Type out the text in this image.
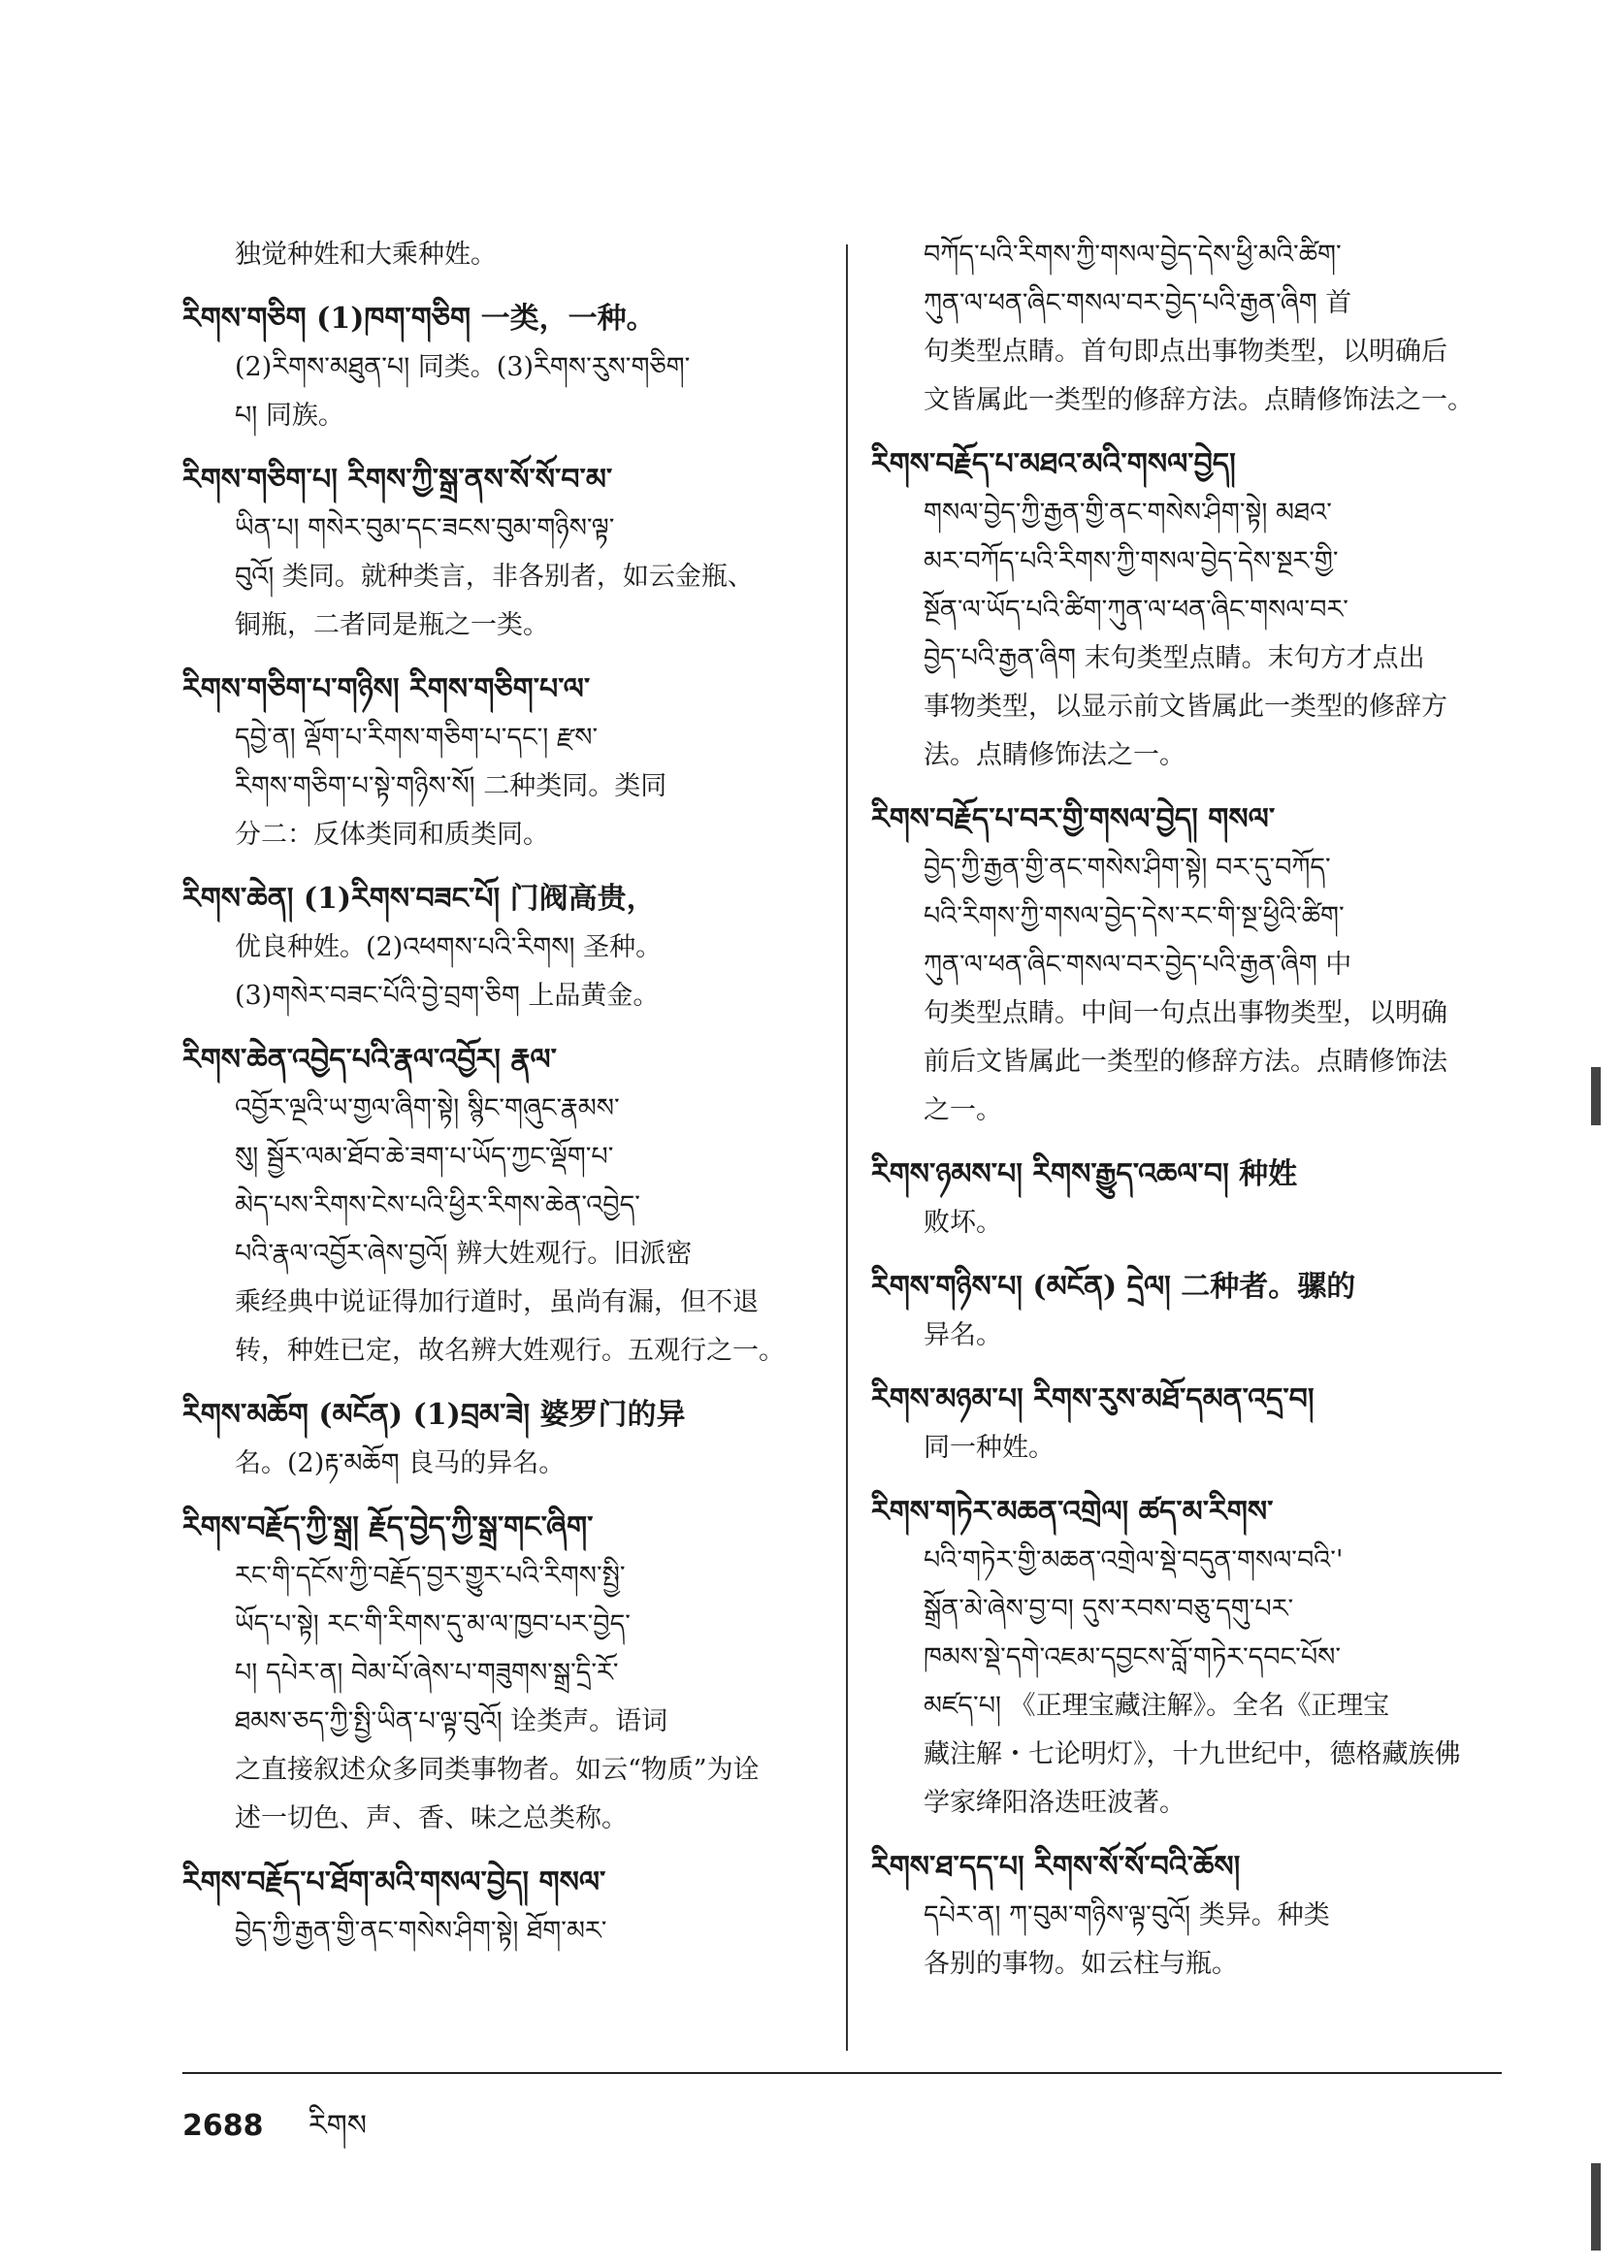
独觉种姓和大乘种姓。
རིགས་གཅིག (1)ཁག་གཅིག 一类，一种。
(2)རིགས་མཐུན་པ། 同类。(3)རིགས་རུས་གཅིག་
པ། 同族。
རིགས་གཅིག་པ། རིགས་ཀྱི་སྒྲ་ནས་སོ་སོ་བ་མ་
ཡིན་པ། གསེར་བུམ་དང་ཟངས་བུམ་གཉིས་ལྟ་
བུའོ། 类同。就种类言，非各别者，如云金瓶、
铜瓶，二者同是瓶之一类。
རིགས་གཅིག་པ་གཉིས། རིགས་གཅིག་པ་ལ་
དབྱེ་ན། ལྡོག་པ་རིགས་གཅིག་པ་དང་། རྫས་
རིགས་གཅིག་པ་སྟེ་གཉིས་སོ། 二种类同。类同
分二：反体类同和质类同。
རིགས་ཆེན། (1)རིགས་བཟང་པོ། 门阀高贵，
优良种姓。(2)འཕགས་པའི་རིགས། 圣种。
(3)གསེར་བཟང་པོའི་བྱེ་བྲག་ཅིག 上品黄金。
རིགས་ཆེན་འབྱེད་པའི་རྣལ་འབྱོར། རྣལ་
འབྱོར་ལྔའི་ཡ་གྱལ་ཞིག་སྟེ། སྙིང་གཞུང་རྣམས་
སུ། སྦྱོར་ལམ་ཐོབ་ཆེ་ཟག་པ་ཡོད་ཀྱང་ལྡོག་པ་
མེད་པས་རིགས་ངེས་པའི་ཕྱིར་རིགས་ཆེན་འབྱེད་
པའི་རྣལ་འབྱོར་ཞེས་བྱའོ། 辨大姓观行。旧派密
乘经典中说证得加行道时，虽尚有漏，但不退
转，种姓已定，故名辨大姓观行。五观行之一。
རིགས་མཆོག (མངོན) (1)བྲམ་ཟེ། 婆罗门的异
名。(2)རྟ་མཆོག 良马的异名。
རིགས་བརྗོད་ཀྱི་སྒྲ། རྗོད་བྱེད་ཀྱི་སྒྲ་གང་ཞིག་
རང་གི་དངོས་ཀྱི་བརྗོད་བྱར་གྱུར་པའི་རིགས་སྤྱི་
ཡོད་པ་སྟེ། རང་གི་རིགས་དུ་མ་ལ་ཁྱབ་པར་བྱེད་
པ། དཔེར་ན། བེམ་པོ་ཞེས་པ་གཟུགས་སྒྲ་དྲི་རོ་
ཐམས་ཅད་ཀྱི་སྤྱི་ཡིན་པ་ལྟ་བུའོ། 诠类声。语词
之直接叙述众多同类事物者。如云“物质”为诠
述一切色、声、香、味之总类称。
རིགས་བརྗོད་པ་ཐོག་མའི་གསལ་བྱེད། གསལ་
བྱེད་ཀྱི་རྒྱན་གྱི་ནང་གསེས་ཤིག་སྟེ། ཐོག་མར་
བཀོད་པའི་རིགས་ཀྱི་གསལ་བྱེད་དེས་ཕྱི་མའི་ཚིག་
ཀུན་ལ་ཕན་ཞིང་གསལ་བར་བྱེད་པའི་རྒྱན་ཞིག 首
句类型点睛。首句即点出事物类型，以明确后
文皆属此一类型的修辞方法。点睛修饰法之一。
རིགས་བརྗོད་པ་མཐའ་མའི་གསལ་བྱེད།
གསལ་བྱེད་ཀྱི་རྒྱན་གྱི་ནང་གསེས་ཤིག་སྟེ། མཐའ་
མར་བཀོད་པའི་རིགས་ཀྱི་གསལ་བྱེད་དེས་སྔར་གྱི་
སྔོན་ལ་ཡོད་པའི་ཚིག་ཀུན་ལ་ཕན་ཞིང་གསལ་བར་
བྱེད་པའི་རྒྱན་ཞིག 末句类型点睛。末句方才点出
事物类型，以显示前文皆属此一类型的修辞方
法。点睛修饰法之一。
རིགས་བརྗོད་པ་བར་གྱི་གསལ་བྱེད། གསལ་
བྱེད་ཀྱི་རྒྱན་གྱི་ནང་གསེས་ཤིག་སྟེ། བར་དུ་བཀོད་
པའི་རིགས་ཀྱི་གསལ་བྱེད་དེས་རང་གི་སྔ་ཕྱིའི་ཚིག་
ཀུན་ལ་ཕན་ཞིང་གསལ་བར་བྱེད་པའི་རྒྱན་ཞིག 中
句类型点睛。中间一句点出事物类型，以明确
前后文皆属此一类型的修辞方法。点睛修饰法
之一。
རིགས་ཉམས་པ། རིགས་རྒྱུད་འཆལ་བ། 种姓
败坏。
རིགས་གཉིས་པ། (མངོན) དྲེལ། 二种者。骡的
异名。
རིགས་མཉམ་པ། རིགས་རུས་མཐོ་དམན་འདྲ་བ།
同一种姓。
རིགས་གཏེར་མཆན་འགྲེལ། ཚད་མ་རིགས་
པའི་གཏེར་གྱི་མཆན་འགྲེལ་སྡེ་བདུན་གསལ་བའི་'
སྒྲོན་མེ་ཞེས་བྱ་བ། དུས་རབས་བཅུ་དགུ་པར་
ཁམས་སྡེ་དགེ་འཇམ་དབྱངས་བློ་གཏེར་དབང་པོས་
མཛད་པ། 《正理宝藏注解》。全名《正理宝
藏注解・七论明灯》，十九世纪中，德格藏族佛
学家绛阳洛迭旺波著。
རིགས་ཐ་དད་པ། རིགས་སོ་སོ་བའི་ཆོས།
དཔེར་ན། ཀ་བུམ་གཉིས་ལྟ་བུའོ། 类异。种类
各别的事物。如云柱与瓶。
2688 རིགས
